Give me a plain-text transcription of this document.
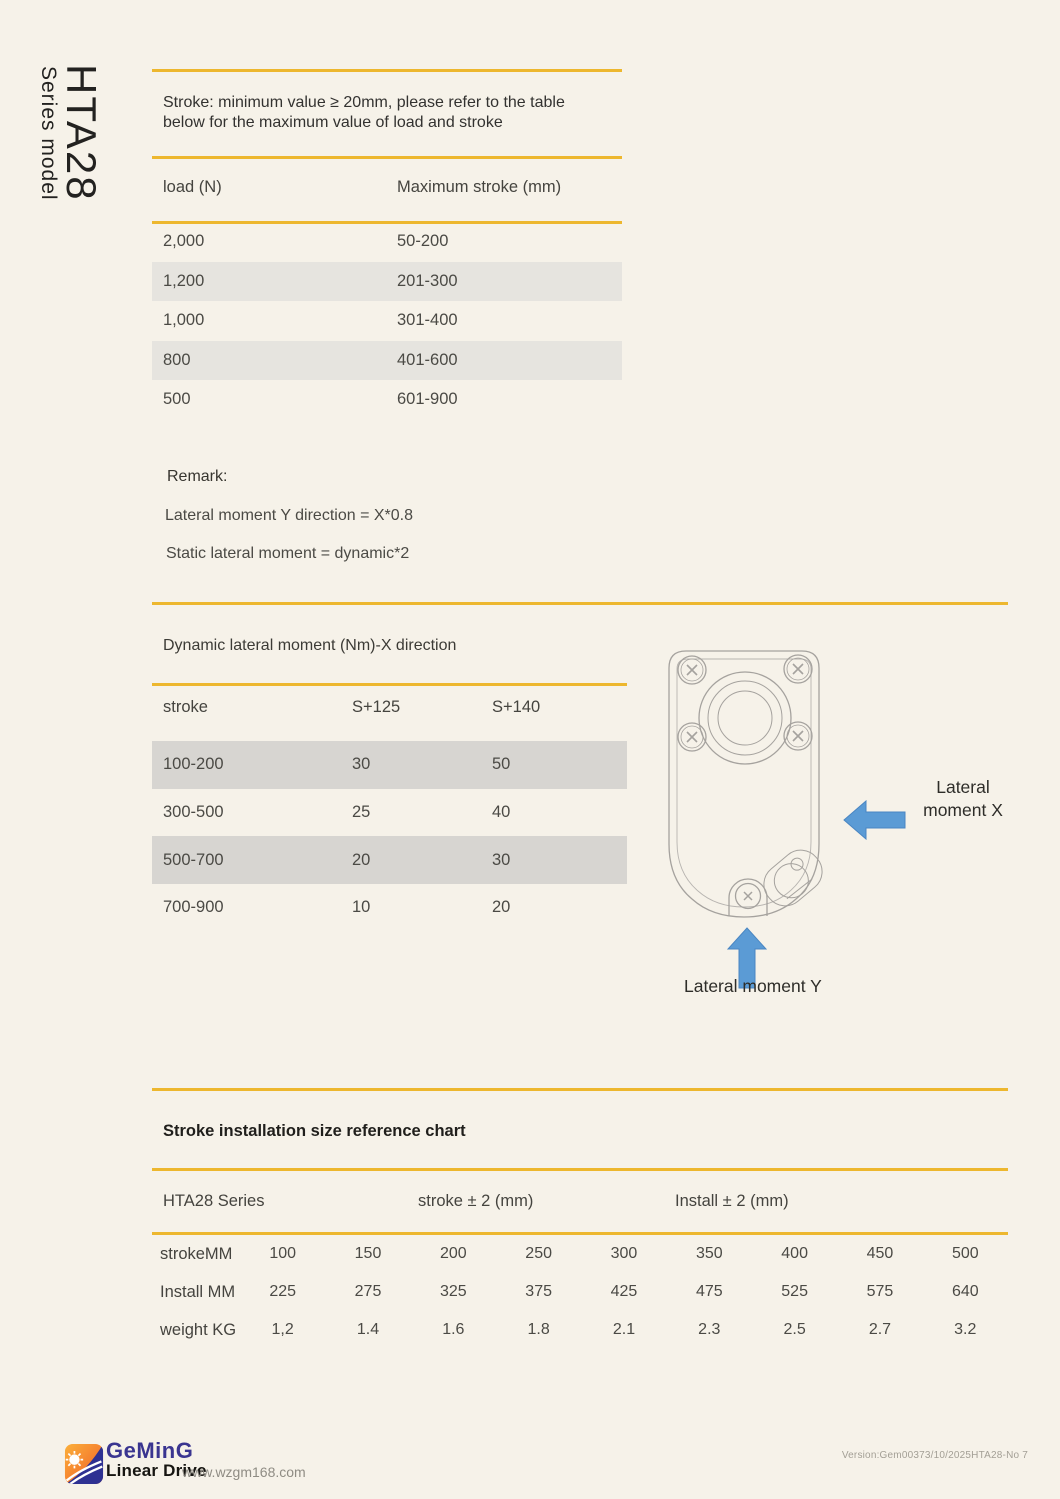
HTA28
Series model	Stroke: minimum value ≥ 20mm, please refer to the table
below for the maximum value of load and stroke
load (N)	Maximum stroke (mm)
2,000	50-200
1,200	201-300
1,000	301-400
800	401-600
500	601-900
Remark:
Lateral moment Y direction = X*0.8
Static lateral moment = dynamic*2
Dynamic lateral moment (Nm)-X direction
stroke	S+125	S+140
100-200	30	50
300-500	25	40
500-700	20	30
700-900	10	20
Lateral
moment X
Lateral moment Y
Stroke installation size reference chart
HTA28 Series	stroke ± 2 (mm)	Install ± 2 (mm)
strokeMM	100	150	200	250	300	350	400	450	500
Install MM	225	275	325	375	425	475	525	575	640
weight KG	1,2	1.4	1.6	1.8	2.1	2.3	2.5	2.7	3.2
GeMinG
Linear Drive
www.wzgm168.com
Version:Gem00373/10/2025HTA28-No 7
